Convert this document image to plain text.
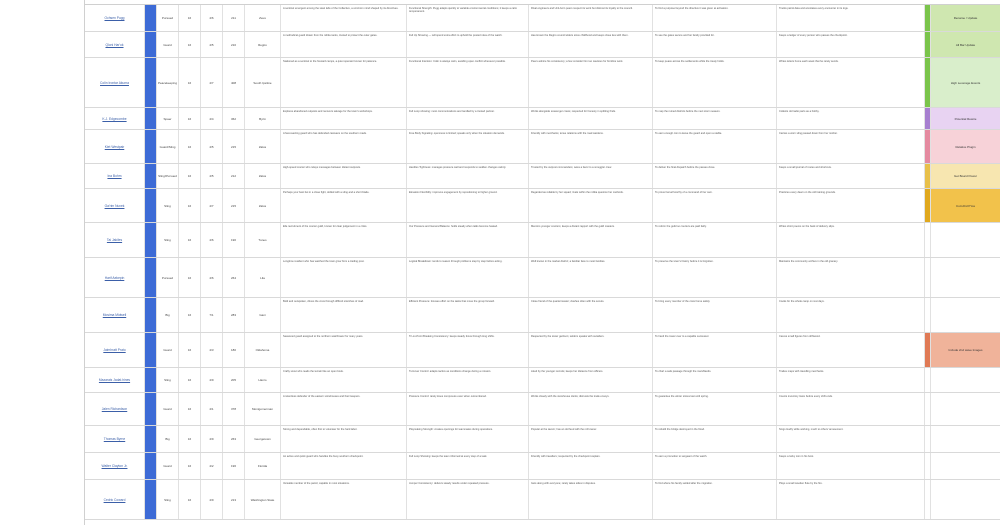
Ochsen Pugg	Pursued	16	4/6	211	Zeus
A sentinel emergent among the steel labs of the Collective, a unit-born mind shaped by its directives.	Functional Strength: Pugg adapts quickly to variable environmental conditions; it keeps a calm temperament.
Rival engineers and Unit-born peers respect its work but distrust its loyalty to the council.	To find a purpose beyond the directive it was given at activation.	Tracks patrol data and annotates every encounter in its logs.
Rename / Update
Qloni Har'ok	Guard	16	4/5	210	Regiro
A methodical guard drawn from the militia ranks, trusted to protect the outer gates.	Full Up Showing — will spend extra effort to uphold the posted rules of the watch.	Has known the Regiro council elders since childhood and keeps close ties with them.	To see the gates secure and her family provided for.	Keeps a ledger of every person who passes the checkpoint.
All Bar Update
Colin Irontar Akuma	Peacekeeping	16	4/7	408	South Ipsitine
Stationed as a sentinel to the forward camps, a quiet operator known for patience.	Functional Intention: Colin is always calm, avoiding open conflict whenever possible.	Peers admire his consistency; a few consider him too cautious for frontline work.	To keep peace across the settlements while the treaty holds.	Writes letters home each week that he rarely sends.
High Leverage Events
K.J. Edgecombe	Spaer	16	4/4	362	Byrin
Explores abandoned outposts and recovers salvage for the town's workshops.	Full Loop showing: most communications are handled by a trusted partner.	Works alongside scavenger crews; respected for honesty in splitting finds.	To map the ruined districts before the next storm season.	Collects old radio parts as a hobby.
Potential Rewire
Kiet Westpair	Guard/Sling	16	4/5	215	Zalos
A fast-reacting guard who has defended caravans on the southern roads.	Free Body Signaling: openness is limited; speaks only when the situation demands.	Friendly with merchants; tense relations with the road wardens.	To earn enough coin to leave the guard and open a stable.	Carries a worn sling passed down from her mother.
Relative Plugin
Ina Bohm	Sling/Pursued	16	4/5	212	Zalos
High-speed courier who relays messages between distant outposts.	Handles Tightness: manages pressure well and responds to sudden changes calmly.	Trusted by the outpost commanders; owes a favor to a smuggler crew.	To deliver the final dispatch before the passes close.	Keeps a small journal of routes and shortcuts.
Get Board Power
Ga'rim Nuvek	Sling	16	4/7	215	Zalos
Perhaps your best bet in a close fight, skilled with a sling and a short blade.	Elevation Flexibility: improves engagement by repositioning to higher ground.	Regarded as reliable by her squad; rivals within the militia question her methods.	To prove herself worthy of a command of her own.	Practices every dawn on the old training grounds.
Cutt Ahd P'tos
Tai Jakiles	Sling	16	4/6	190	Tunes
Elle recruitment of the courier guild, known for clear judgement in a crisis.	Our Pressure and General Balance: holds steady when talks become heated.	Mentors younger couriers; keeps a distant rapport with the guild masters.	To reform the guild so couriers are paid fairly.	Writes short poems on the back of delivery slips.
Harif Aekepin	Pursued	16	4/6	264	Lila
Longtime resident who has watched the town grow from a trading post.	Logical Breakdown: tends to reason through problems step by step before acting.	Well known in the market district; a familiar face to most families.	To preserve the town's history before it is forgotten.	Maintains the community archive in the old granary.
Mosima Midwell	Big	16	7/1	283	Gani
Bold and outspoken, drives the crew through difficult stretches of road.	Efficient Pressure: focuses effort on the tasks that move the group forward.	Close friend of the quartermaster; clashes often with the scouts.	To bring every member of the crew home safely.	Cooks for the whole camp on rest days.
Jaimhratt Prato	Guard	16	4/3	180	Oklahoma
Seasoned guard assigned to the northern watchtower for many years.	Tri-on-Point Breaking Consistency: keeps steady focus through long shifts.	Respected by the tower garrison; seldom speaks with outsiders.	To hand the tower over to a capable successor.	Carves small figures from driftwood.
Include 2nd wave Images
Mazarais Jadat.hines	Sling	16	4/9	205	Hanro
Crafty scout who reads the terrain like an open book.	Turnover Control: adapts tactics as conditions change during a mission.	Liked by the younger recruits; keeps her distance from officers.	To chart a safe passage through the marshlands.	Trades maps with travelling merchants.
Jalen Richardson	Guard	16	4/1	378	Montgomerman
A relentless defender of the eastern storehouses and their keepers.	Pressure Control: rarely loses composure even when outnumbered.	Works closely with the storehouse clerks; distrusts the trade envoys.	To guarantee the winter stores last until spring.	Counts inventory twice before every shift ends.
Thomas Byrne	Big	16	4/9	263	Georgetown
Strong and dependable, often first to volunteer for the hard labor.	Playmaking Strength: creates openings for teammates during operations.	Popular at the tavern; has an old feud with the mill owner.	To rebuild the bridge destroyed in the flood.	Sings loudly while working, much to others' amusement.
Walter Clayton Jr.	Guard	16	4/2	196	Florida
An active and quick guard who handles the busy southern checkpoint.	Full Loop Showing: keeps the team informed at every step of a task.	Friendly with travellers; respected by the checkpoint captain.	To earn a promotion to sergeant of the watch.	Keeps a lucky coin in his boot.
Cedric Coward	Sling	16	4/9	213	Washington State
Versatile member of the patrol, capable in most situations.	Jumper Consistency: delivers steady results under repeated pressure.	Gets along with everyone; rarely takes sides in disputes.	To find where his family settled after the migration.	Plays a small wooden flute by the fire.
